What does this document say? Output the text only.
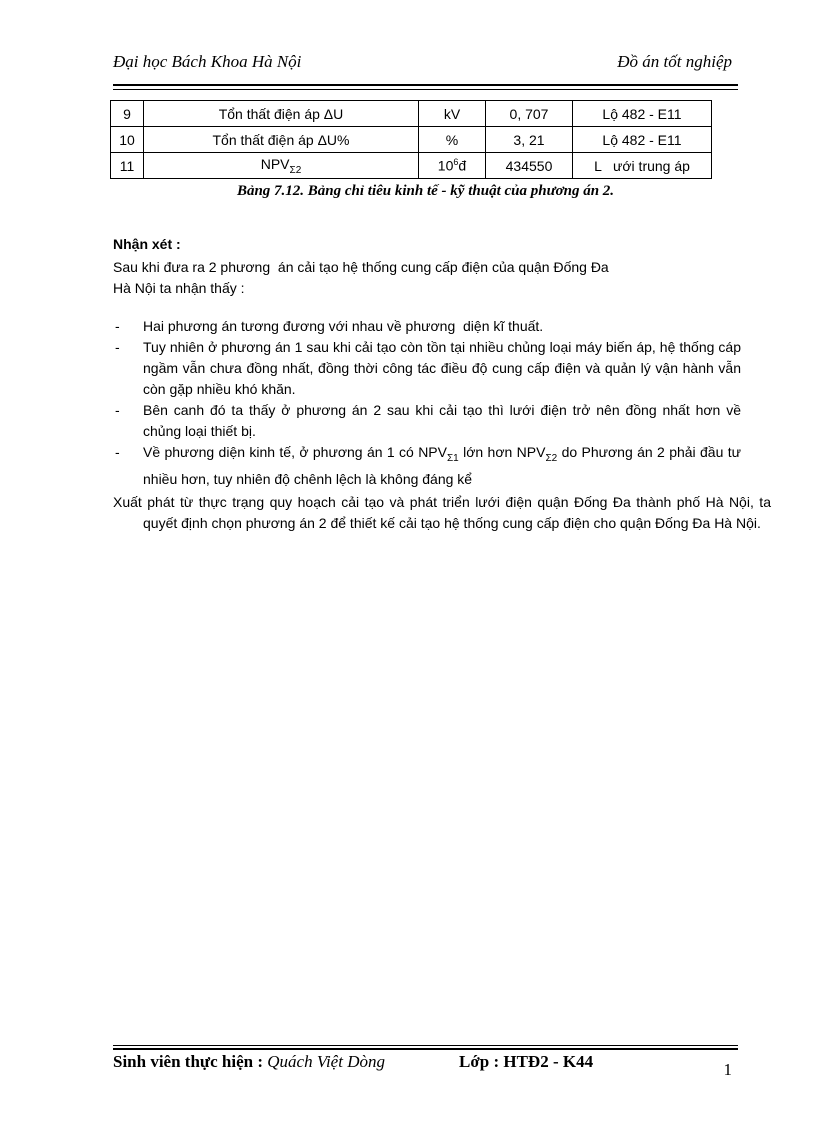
Đại học Bách Khoa Hà Nội	Đồ án tốt nghiệp
9	Tổn thất điện áp ΔU	kV	0, 707	Lộ 482 - E11
10	Tổn thất điện áp ΔU%	%	3, 21	Lộ 482 - E11
11	$NPV_{\Sigma 2}$	$10^6đ$	434550	L   ưới trung áp
Bảng 7.12. Bảng chỉ tiêu kinh tế - kỹ thuật của phương án 2.
Nhận xét :
Sau khi đưa ra 2 phương  án cải tạo hệ thống cung cấp điện của quận Đống Đa
Hà Nội ta nhận thấy :
- Hai phương án tương đương với nhau về phương  diện kĩ thuất.
- Tuy nhiên ở phương án 1 sau khi cải tạo còn tồn tại nhiều chủng loại máy biến áp, hệ thống cáp ngầm vẫn chưa đồng nhất, đồng thời công tác điều độ cung cấp điện và quản lý vận hành vẫn còn gặp nhiều khó khăn.
- Bên canh đó ta thấy ở phương án 2 sau khi cải tạo thì lưới điện trở nên đồng nhất hơn về chủng loại thiết bị.
- Về phương diện kinh tế, ở phương án 1 có $NPV_{\Sigma 1}$ lớn hơn $NPV_{\Sigma 2}$ do Phương án 2 phải đầu tư nhiều hơn, tuy nhiên độ chênh lệch là không đáng kể
Xuất phát từ thực trạng quy hoạch cải tạo và phát triển lưới điện quận Đống Đa thành phố Hà Nội, ta quyết định chọn phương án 2 để thiết kế cải tạo hệ thống cung cấp điện cho quận Đống Đa Hà Nội.
Sinh viên thực hiện : Quách Việt Dòng	Lớp : HTĐ2 - K44	1
